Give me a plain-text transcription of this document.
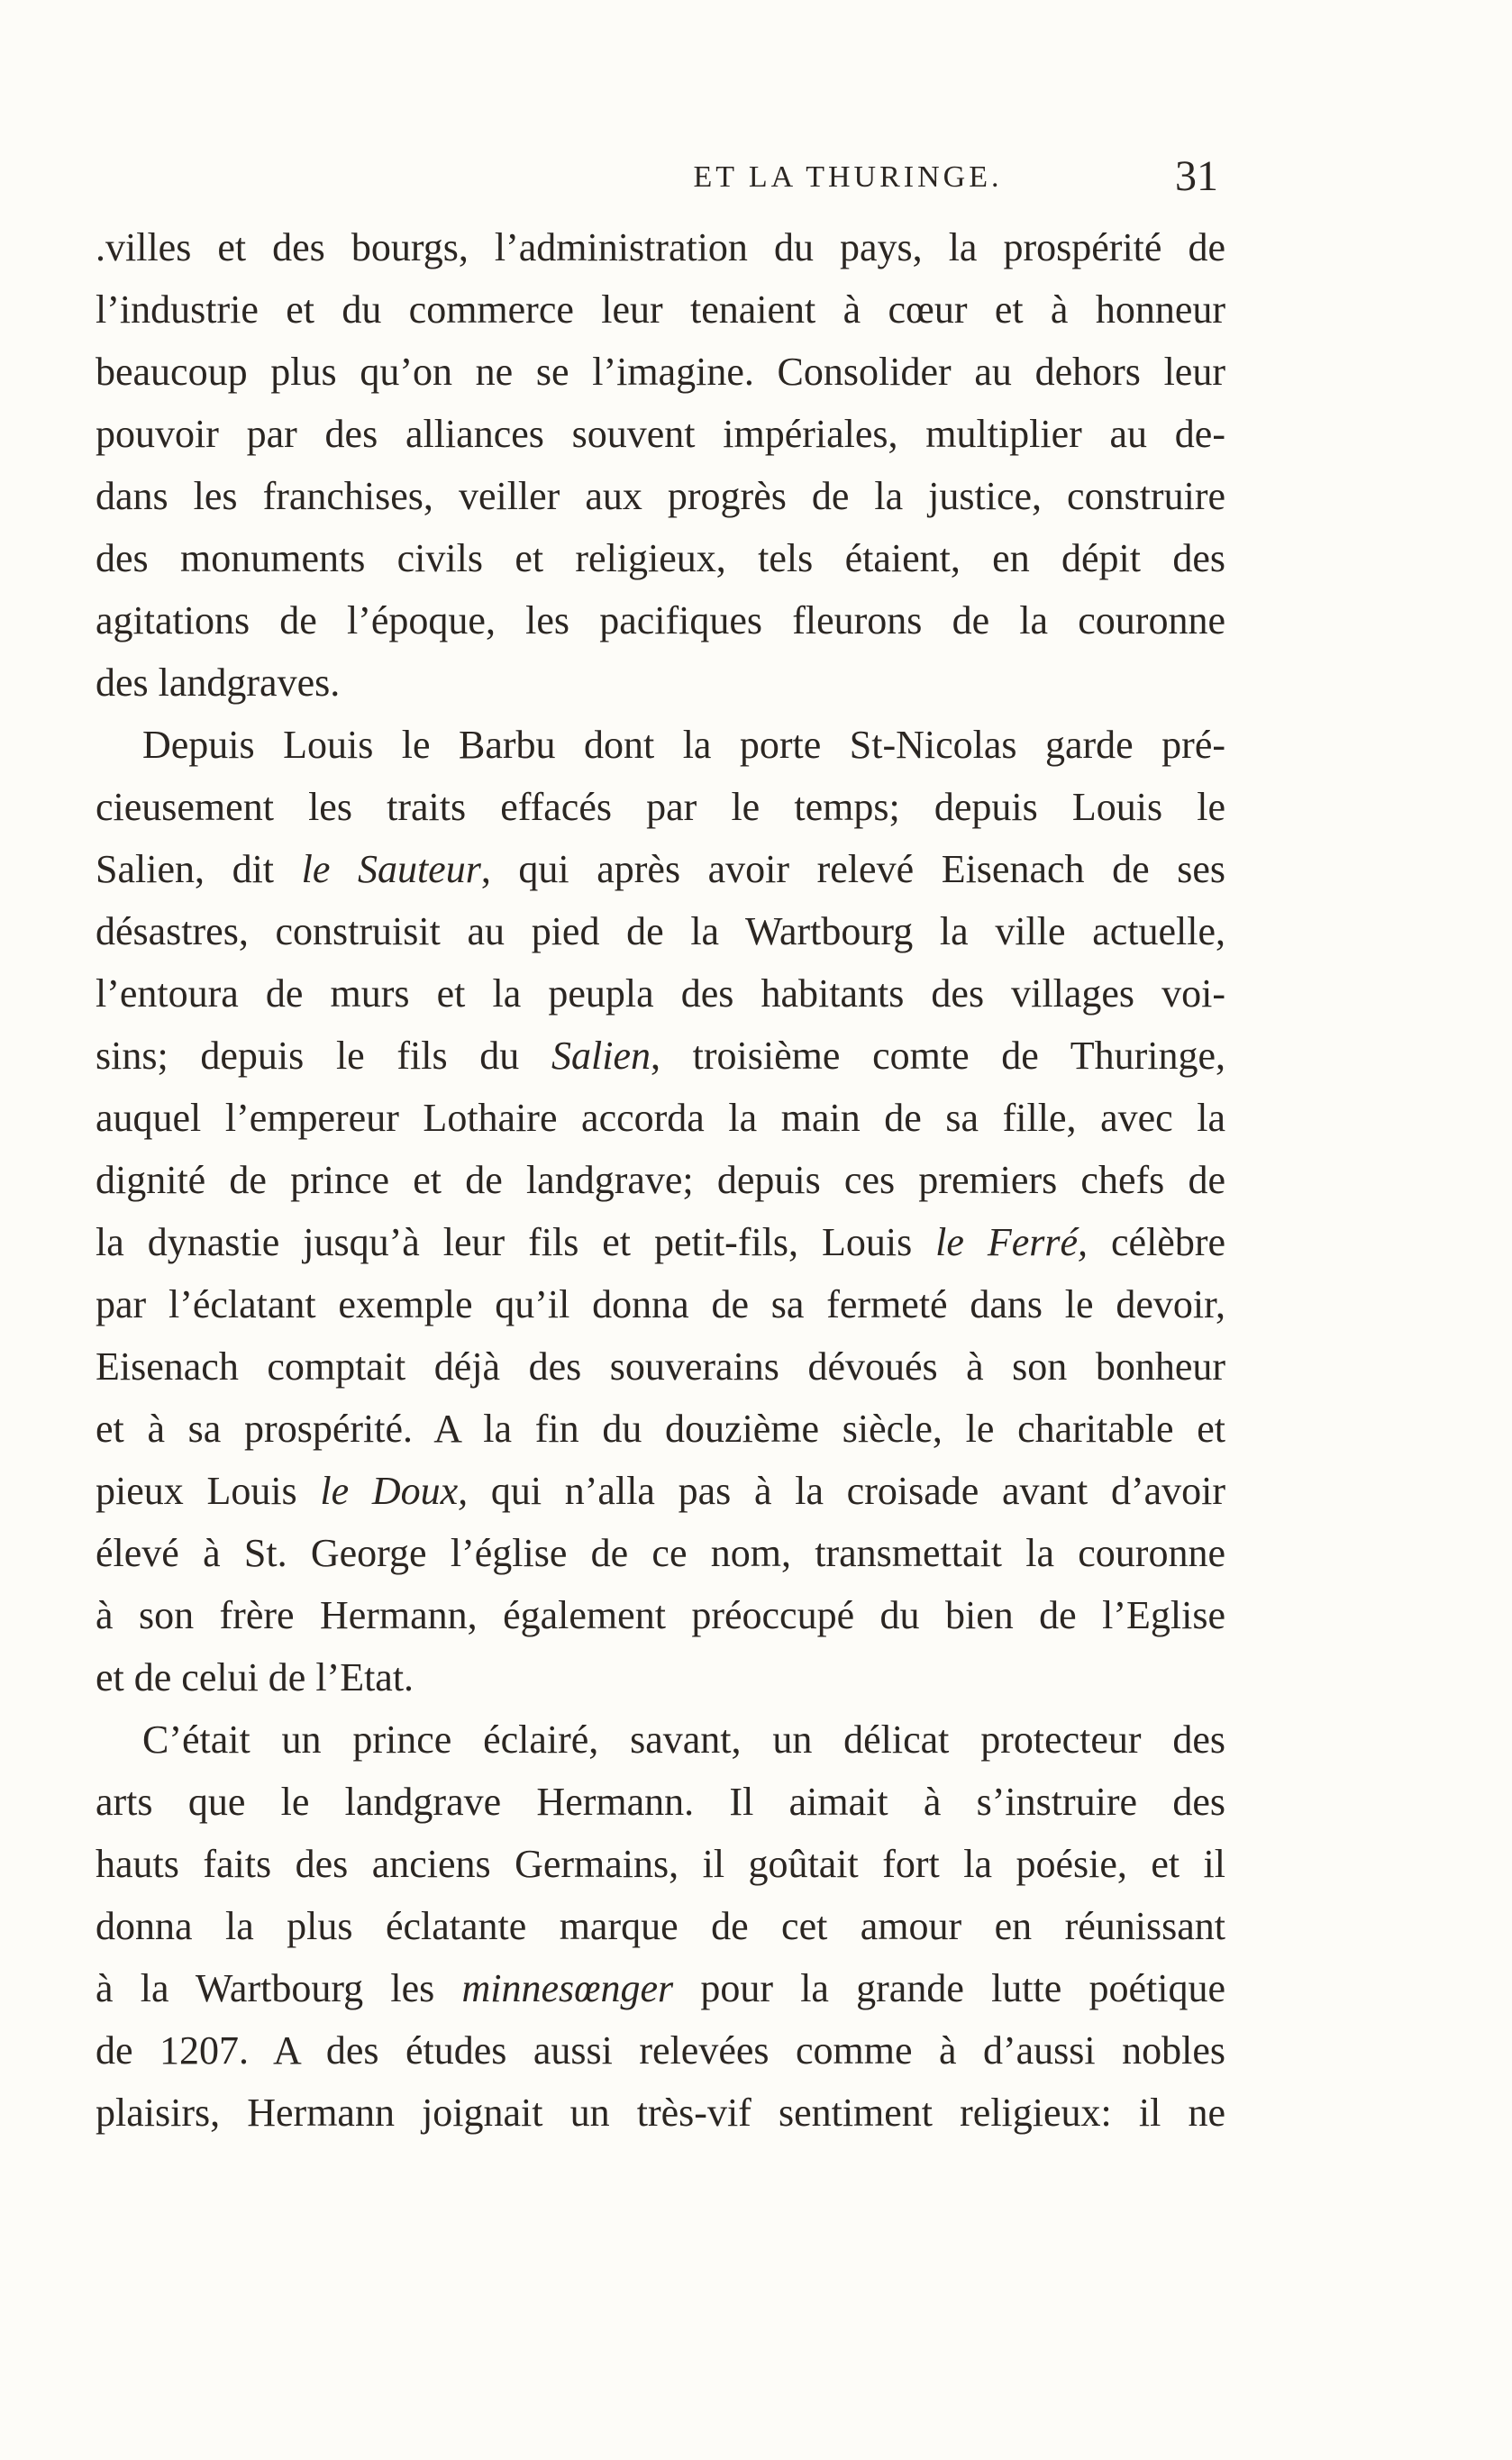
ET LA THURINGE.	31
.villes et des bourgs, l’administration du pays, la prospérité de
l’industrie et du commerce leur tenaient à cœur et à honneur
beaucoup plus qu’on ne se l’imagine. Consolider au dehors leur
pouvoir par des alliances souvent impériales, multiplier au de-
dans les franchises, veiller aux progrès de la justice, construire
des monuments civils et religieux, tels étaient, en dépit des
agitations de l’époque, les pacifiques fleurons de la couronne
des landgraves.
Depuis Louis le Barbu dont la porte St-Nicolas garde pré-
cieusement les traits effacés par le temps; depuis Louis le
Salien, dit le Sauteur, qui après avoir relevé Eisenach de ses
désastres, construisit au pied de la Wartbourg la ville actuelle,
l’entoura de murs et la peupla des habitants des villages voi-
sins; depuis le fils du Salien, troisième comte de Thuringe,
auquel l’empereur Lothaire accorda la main de sa fille, avec la
dignité de prince et de landgrave; depuis ces premiers chefs de
la dynastie jusqu’à leur fils et petit-fils, Louis le Ferré, célèbre
par l’éclatant exemple qu’il donna de sa fermeté dans le devoir,
Eisenach comptait déjà des souverains dévoués à son bonheur
et à sa prospérité. A la fin du douzième siècle, le charitable et
pieux Louis le Doux, qui n’alla pas à la croisade avant d’avoir
élevé à St. George l’église de ce nom, transmettait la couronne
à son frère Hermann, également préoccupé du bien de l’Eglise
et de celui de l’Etat.
C’était un prince éclairé, savant, un délicat protecteur des
arts que le landgrave Hermann. Il aimait à s’instruire des
hauts faits des anciens Germains, il goûtait fort la poésie, et il
donna la plus éclatante marque de cet amour en réunissant
à la Wartbourg les minnesœnger pour la grande lutte poétique
de 1207. A des études aussi relevées comme à d’aussi nobles
plaisirs, Hermann joignait un très-vif sentiment religieux: il ne
